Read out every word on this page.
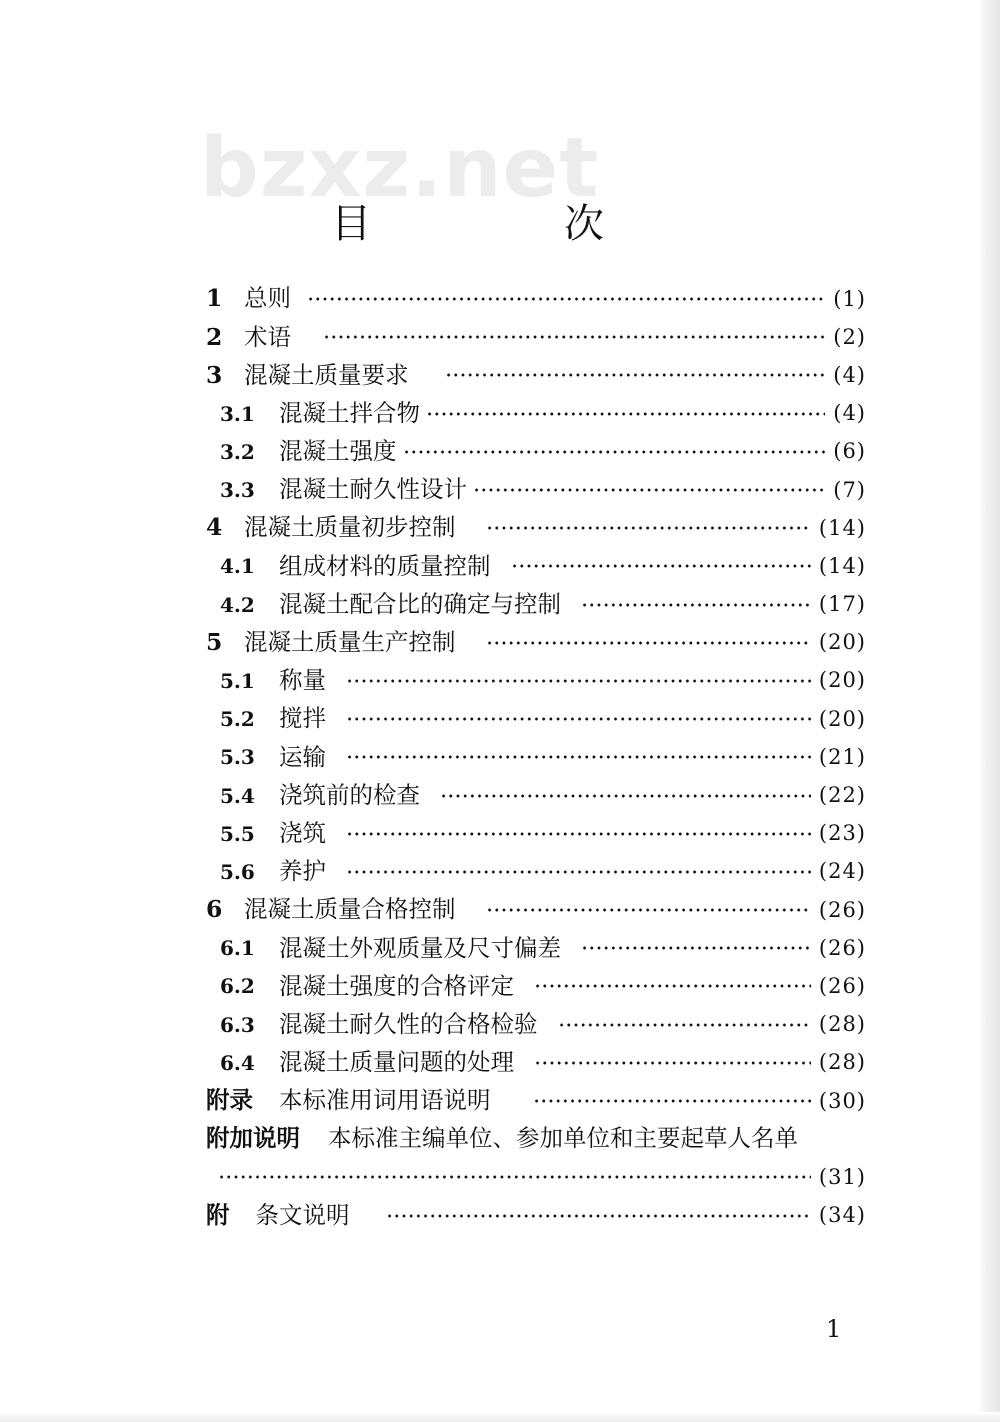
bzxz.net
目 次
1 总则	(1)
2 术语	(2)
3 混凝土质量要求	(4)
3.1	混凝土拌合物	(4)
3.2	混凝土强度	(6)
3.3	混凝土耐久性设计	(7)
4 混凝土质量初步控制	(14)
4.1	组成材料的质量控制	(14)
4.2	混凝土配合比的确定与控制	(17)
5 混凝土质量生产控制	(20)
5.1	称量	(20)
5.2	搅拌	(20)
5.3	运输	(21)
5.4	浇筑前的检查	(22)
5.5	浇筑	(23)
5.6	养护	(24)
6 混凝土质量合格控制	(26)
6.1	混凝土外观质量及尺寸偏差	(26)
6.2	混凝土强度的合格评定	(26)
6.3	混凝土耐久性的合格检验	(28)
6.4	混凝土质量问题的处理	(28)
附录 本标准用词用语说明	(30)
附加说明 本标准主编单位、参加单位和主要起草人名单
(31)
附 条文说明	(34)
1
